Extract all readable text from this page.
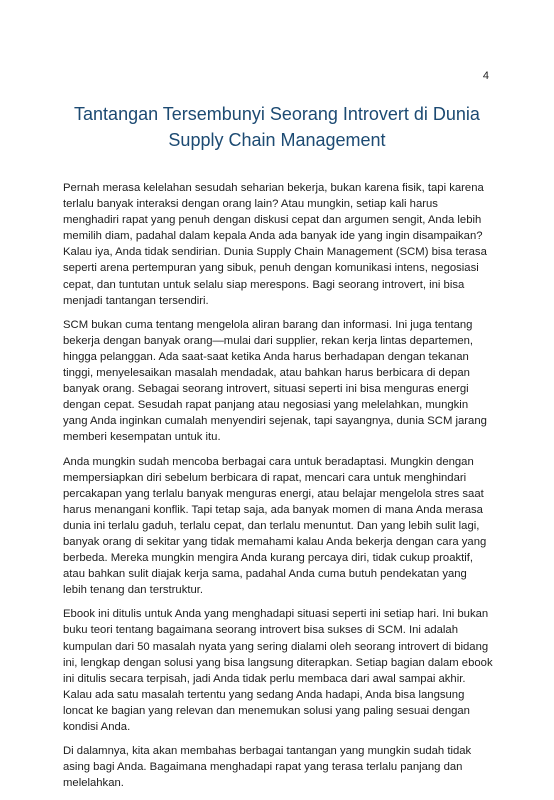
4
Tantangan Tersembunyi Seorang Introvert di Dunia Supply Chain Management

Pernah merasa kelelahan sesudah seharian bekerja, bukan karena fisik, tapi karena terlalu banyak interaksi dengan orang lain? Atau mungkin, setiap kali harus menghadiri rapat yang penuh dengan diskusi cepat dan argumen sengit, Anda lebih memilih diam, padahal dalam kepala Anda ada banyak ide yang ingin disampaikan? Kalau iya, Anda tidak sendirian. Dunia Supply Chain Management (SCM) bisa terasa seperti arena pertempuran yang sibuk, penuh dengan komunikasi intens, negosiasi cepat, dan tuntutan untuk selalu siap merespons. Bagi seorang introvert, ini bisa menjadi tantangan tersendiri.

SCM bukan cuma tentang mengelola aliran barang dan informasi. Ini juga tentang bekerja dengan banyak orang—mulai dari supplier, rekan kerja lintas departemen, hingga pelanggan. Ada saat-saat ketika Anda harus berhadapan dengan tekanan tinggi, menyelesaikan masalah mendadak, atau bahkan harus berbicara di depan banyak orang. Sebagai seorang introvert, situasi seperti ini bisa menguras energi dengan cepat. Sesudah rapat panjang atau negosiasi yang melelahkan, mungkin yang Anda inginkan cumalah menyendiri sejenak, tapi sayangnya, dunia SCM jarang memberi kesempatan untuk itu.

Anda mungkin sudah mencoba berbagai cara untuk beradaptasi. Mungkin dengan mempersiapkan diri sebelum berbicara di rapat, mencari cara untuk menghindari percakapan yang terlalu banyak menguras energi, atau belajar mengelola stres saat harus menangani konflik. Tapi tetap saja, ada banyak momen di mana Anda merasa dunia ini terlalu gaduh, terlalu cepat, dan terlalu menuntut. Dan yang lebih sulit lagi, banyak orang di sekitar yang tidak memahami kalau Anda bekerja dengan cara yang berbeda. Mereka mungkin mengira Anda kurang percaya diri, tidak cukup proaktif, atau bahkan sulit diajak kerja sama, padahal Anda cuma butuh pendekatan yang lebih tenang dan terstruktur.

Ebook ini ditulis untuk Anda yang menghadapi situasi seperti ini setiap hari. Ini bukan buku teori tentang bagaimana seorang introvert bisa sukses di SCM. Ini adalah kumpulan dari 50 masalah nyata yang sering dialami oleh seorang introvert di bidang ini, lengkap dengan solusi yang bisa langsung diterapkan. Setiap bagian dalam ebook ini ditulis secara terpisah, jadi Anda tidak perlu membaca dari awal sampai akhir. Kalau ada satu masalah tertentu yang sedang Anda hadapi, Anda bisa langsung loncat ke bagian yang relevan dan menemukan solusi yang paling sesuai dengan kondisi Anda.

Di dalamnya, kita akan membahas berbagai tantangan yang mungkin sudah tidak asing bagi Anda. Bagaimana menghadapi rapat yang terasa terlalu panjang dan melelahkan.
